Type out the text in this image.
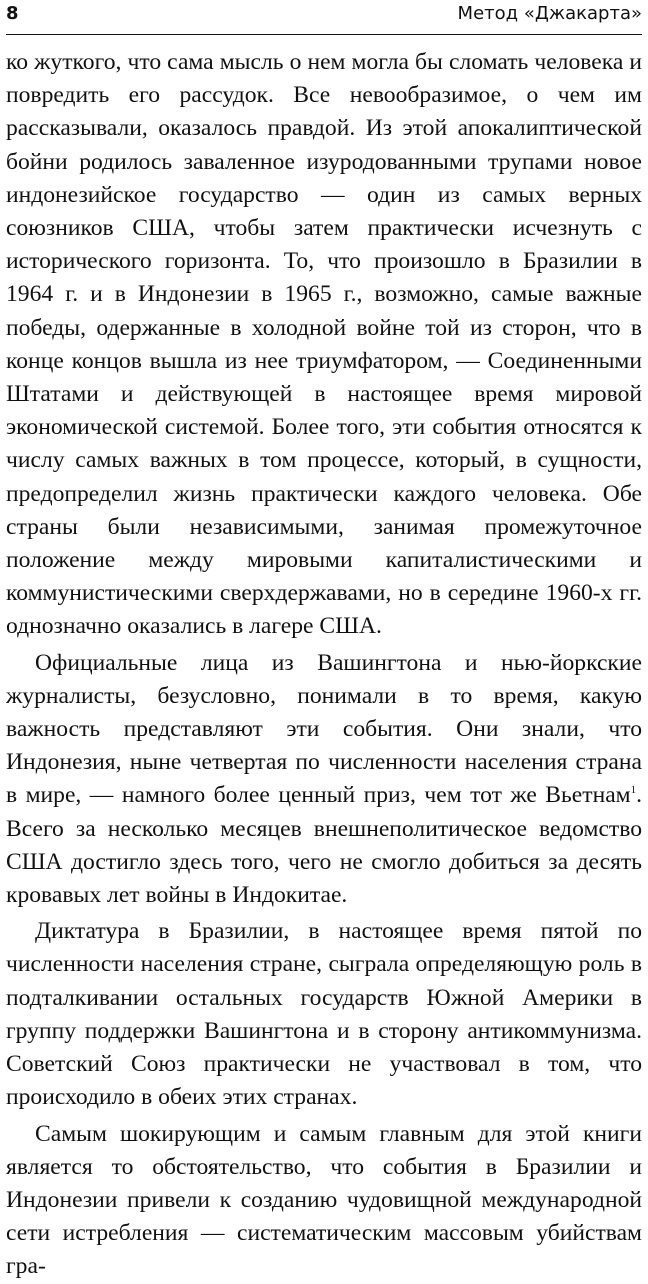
8	Метод «Джакарта»

ко жуткого, что сама мысль о нем могла бы сломать человека и повредить его рассудок. Все невообразимое, о чем им рассказывали, оказалось правдой. Из этой апокалиптической бойни родилось заваленное изуродованными трупами новое индонезийское государство — один из самых верных союзников США, чтобы затем практически исчезнуть с исторического горизонта. То, что произошло в Бразилии в 1964 г. и в Индонезии в 1965 г., возможно, самые важные победы, одержанные в холодной войне той из сторон, что в конце концов вышла из нее триумфатором, — Соединенными Штатами и действующей в настоящее время мировой экономической системой. Более того, эти события относятся к числу самых важных в том процессе, который, в сущности, предопределил жизнь практически каждого человека. Обе страны были независимыми, занимая промежуточное положение между мировыми капиталистическими и коммунистическими сверхдержавами, но в середине 1960-х гг. однозначно оказались в лагере США.

Официальные лица из Вашингтона и нью-йоркские журналисты, безусловно, понимали в то время, какую важность представляют эти события. Они знали, что Индонезия, ныне четвертая по численности населения страна в мире, — намного более ценный приз, чем тот же Вьетнам$^1$. Всего за несколько месяцев внешнеполитическое ведомство США достигло здесь того, чего не смогло добиться за десять кровавых лет войны в Индокитае.

Диктатура в Бразилии, в настоящее время пятой по численности населения стране, сыграла определяющую роль в подталкивании остальных государств Южной Америки в группу поддержки Вашингтона и в сторону антикоммунизма. Советский Союз практически не участвовал в том, что происходило в обеих этих странах.

Самым шокирующим и самым главным для этой книги является то обстоятельство, что события в Бразилии и Индонезии привели к созданию чудовищной международной сети истребления — систематическим массовым убийствам гра-
